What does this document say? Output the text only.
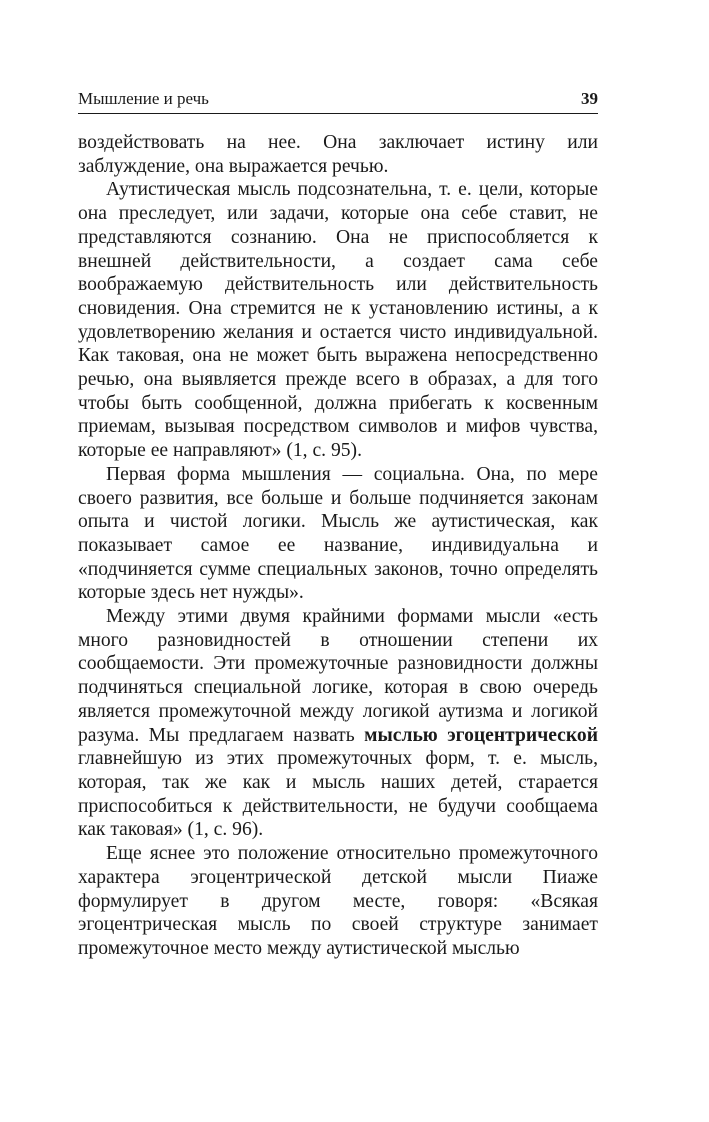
Мышление и речь	39

воздействовать на нее. Она заключает истину или заблуждение, она выражается речью.

Аутистическая мысль подсознательна, т. е. цели, которые она преследует, или задачи, которые она себе ставит, не представляются сознанию. Она не приспособляется к внешней действительности, а создает сама себе воображаемую действительность или действительность сновидения. Она стремится не к установлению истины, а к удовлетворению желания и остается чисто индивидуальной. Как таковая, она не может быть выражена непосредственно речью, она выявляется прежде всего в образах, а для того чтобы быть сообщенной, должна прибегать к косвенным приемам, вызывая посредством символов и мифов чувства, которые ее направляют» (1, с. 95).

Первая форма мышления — социальна. Она, по мере своего развития, все больше и больше подчиняется законам опыта и чистой логики. Мысль же аутистическая, как показывает самое ее название, индивидуальна и «подчиняется сумме специальных законов, точно определять которые здесь нет нужды».

Между этими двумя крайними формами мысли «есть много разновидностей в отношении степени их сообщаемости. Эти промежуточные разновидности должны подчиняться специальной логике, которая в свою очередь является промежуточной между логикой аутизма и логикой разума. Мы предлагаем назвать мыслью эгоцентрической главнейшую из этих промежуточных форм, т. е. мысль, которая, так же как и мысль наших детей, старается приспособиться к действительности, не будучи сообщаема как таковая» (1, с. 96).

Еще яснее это положение относительно промежуточного характера эгоцентрической детской мысли Пиаже формулирует в другом месте, говоря: «Всякая эгоцентрическая мысль по своей структуре занимает промежуточное место между аутистической мыслью
